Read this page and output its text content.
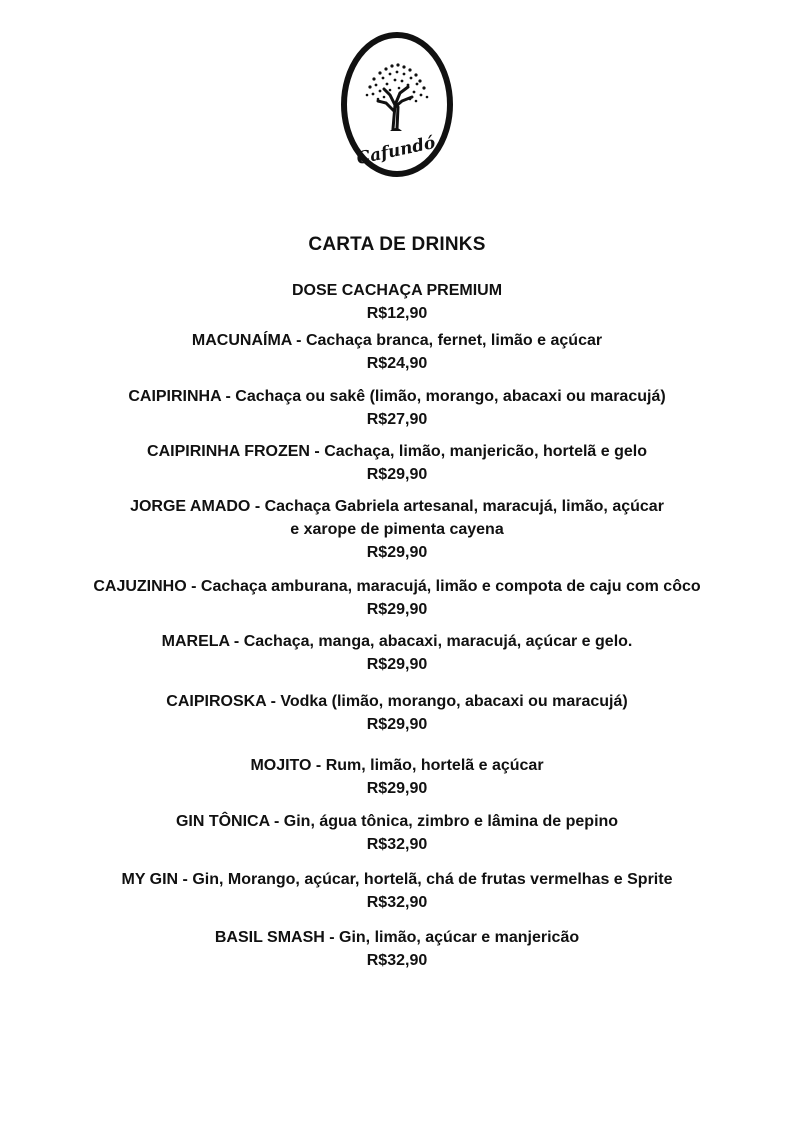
Cafundó
CARTA DE DRINKS
DOSE CACHAÇA PREMIUM
R$12,90
MACUNAÍMA - Cachaça branca, fernet, limão e açúcar
R$24,90
CAIPIRINHA - Cachaça ou sakê (limão, morango, abacaxi ou maracujá)
R$27,90
CAIPIRINHA FROZEN - Cachaça, limão, manjericão, hortelã e gelo
R$29,90
JORGE AMADO - Cachaça Gabriela artesanal, maracujá, limão, açúcar
e xarope de pimenta cayena
R$29,90
CAJUZINHO - Cachaça amburana, maracujá, limão e compota de caju com côco
R$29,90
MARELA - Cachaça, manga, abacaxi, maracujá, açúcar e gelo.
R$29,90
CAIPIROSKA - Vodka (limão, morango, abacaxi ou maracujá)
R$29,90
MOJITO - Rum, limão, hortelã e açúcar
R$29,90
GIN TÔNICA - Gin, água tônica, zimbro e lâmina de pepino
R$32,90
MY GIN - Gin, Morango, açúcar, hortelã, chá de frutas vermelhas e Sprite
R$32,90
BASIL SMASH - Gin, limão, açúcar e manjericão
R$32,90
